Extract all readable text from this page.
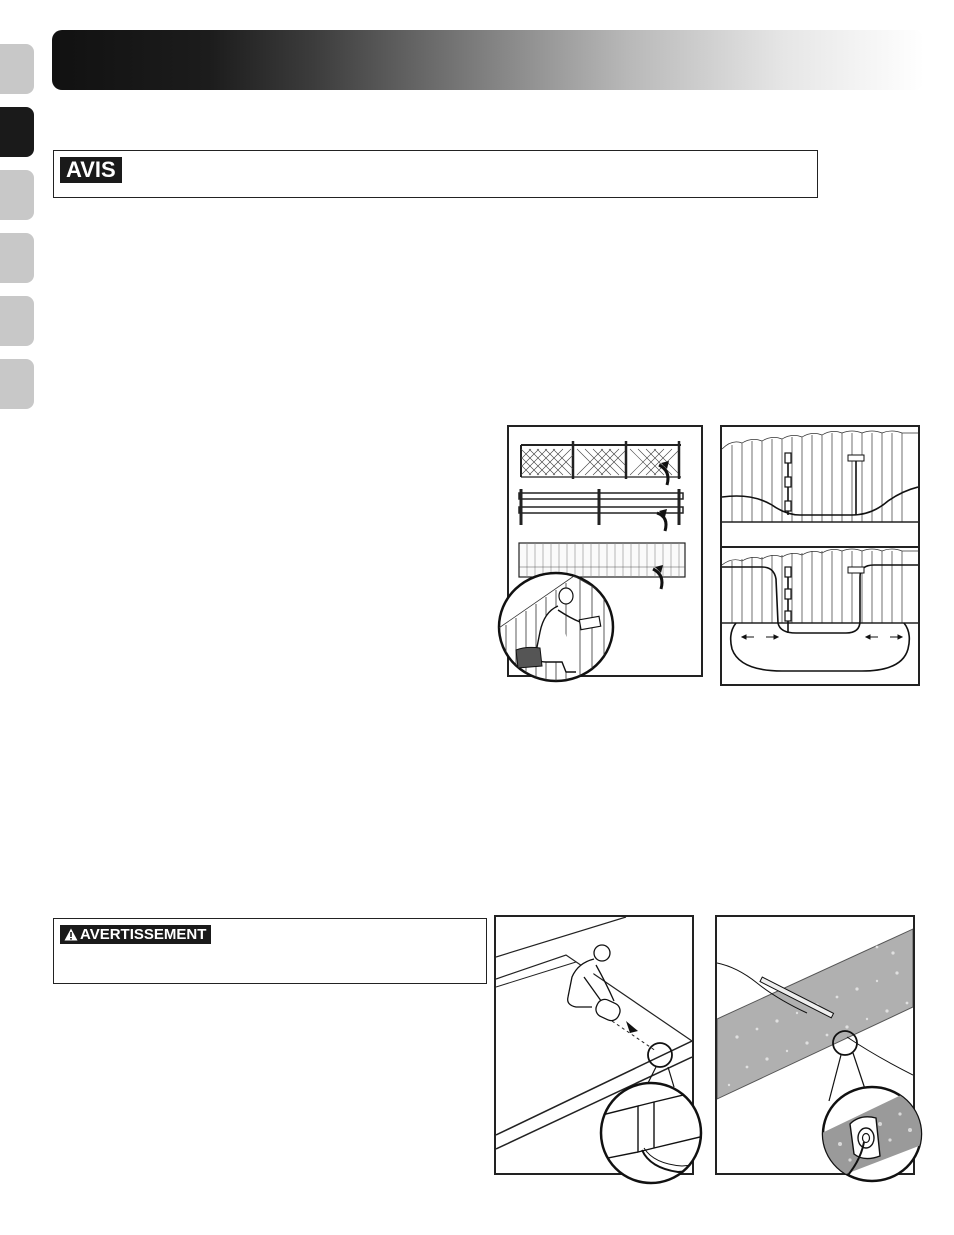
AVIS
AVERTISSEMENT
